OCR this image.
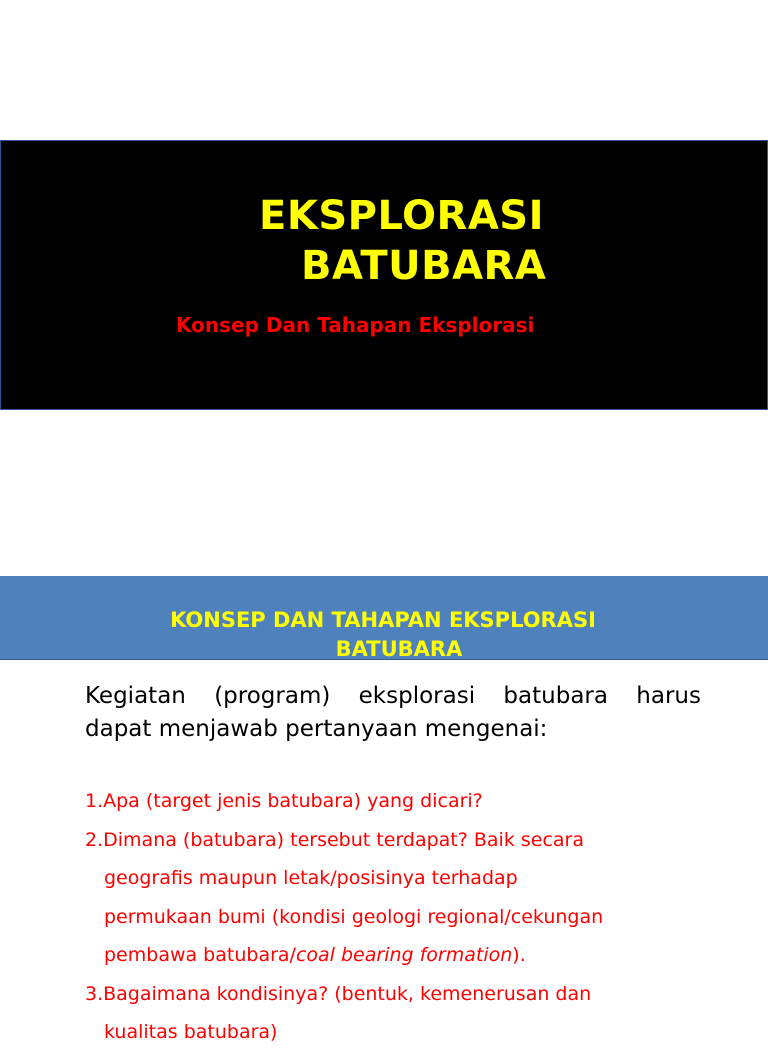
EKSPLORASI
BATUBARA
Konsep Dan Tahapan Eksplorasi
KONSEP DAN TAHAPAN EKSPLORASI
BATUBARA
Kegiatan (program) eksplorasi batubara harus
dapat menjawab pertanyaan mengenai:
1.Apa (target jenis batubara) yang dicari?
2.Dimana (batubara) tersebut terdapat? Baik secara
geografis maupun letak/posisinya terhadap
permukaan bumi (kondisi geologi regional/cekungan
pembawa batubara/coal bearing formation).
3.Bagaimana kondisinya? (bentuk, kemenerusan dan
kualitas batubara)
